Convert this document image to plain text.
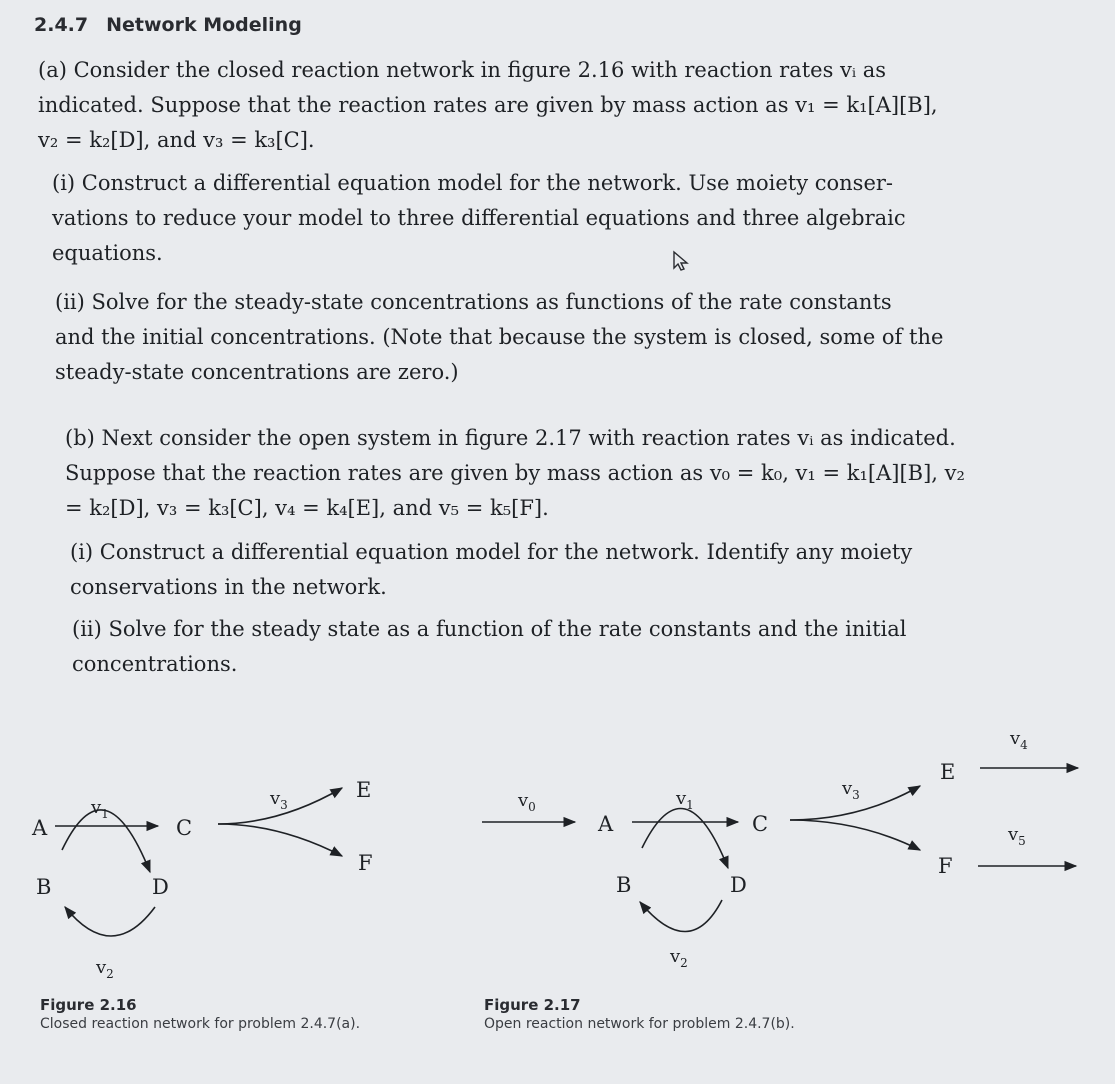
2.4.7 Network Modeling

(a) Consider the closed reaction network in figure 2.16 with reaction rates vᵢ as

indicated. Suppose that the reaction rates are given by mass action as v₁ = k₁[A][B],

v₂ = k₂[D], and v₃ = k₃[C].

(i) Construct a differential equation model for the network. Use moiety conser-

vations to reduce your model to three differential equations and three algebraic

equations.

(ii) Solve for the steady-state concentrations as functions of the rate constants

and the initial concentrations. (Note that because the system is closed, some of the

steady-state concentrations are zero.)

(b) Next consider the open system in figure 2.17 with reaction rates vᵢ as indicated.

Suppose that the reaction rates are given by mass action as v₀ = k₀, v₁ = k₁[A][B], v₂

= k₂[D], v₃ = k₃[C], v₄ = k₄[E], and v₅ = k₅[F].

(i) Construct a differential equation model for the network. Identify any moiety

conservations in the network.

(ii) Solve for the steady state as a function of the rate constants and the initial

concentrations.

A	C
B	D
E
F
$v_1$
$v_2$
$v_3$
A	C
B	D
E
F
$v_0$	$v_1$
$v_2$
$v_3$
$v_4$
$v_5$
Figure 2.16
Closed reaction network for problem 2.4.7(a).
Figure 2.17
Open reaction network for problem 2.4.7(b).
